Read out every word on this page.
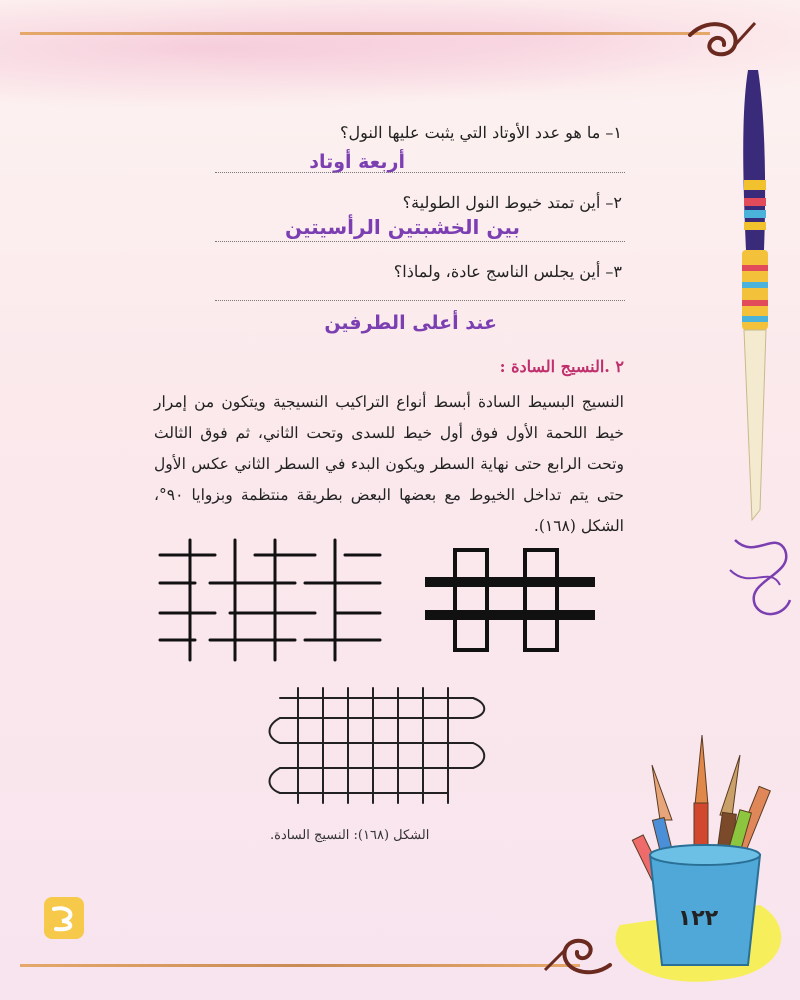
١٢٢
١– ما هو عدد الأوتاد التي يثبت عليها النول؟
أربعة أوتاد
٢– أين تمتد خيوط النول الطولية؟
بين الخشبتين الرأسيتين
٣– أين يجلس الناسج عادة، ولماذا؟
عند أعلى الطرفين
٢ .النسيج السادة :
النسيج البسيط السادة أبسط أنواع التراكيب النسيجية ويتكون من إمرار خيط اللحمة الأول فوق أول خيط للسدى وتحت الثاني، ثم فوق الثالث وتحت الرابع حتى نهاية السطر ويكون البدء في السطر الثاني عكس الأول حتى يتم تداخل الخيوط مع بعضها البعض بطريقة منتظمة وبزوايا ٩٠°، الشكل (١٦٨).
الشكل (١٦٨): النسيج السادة.
